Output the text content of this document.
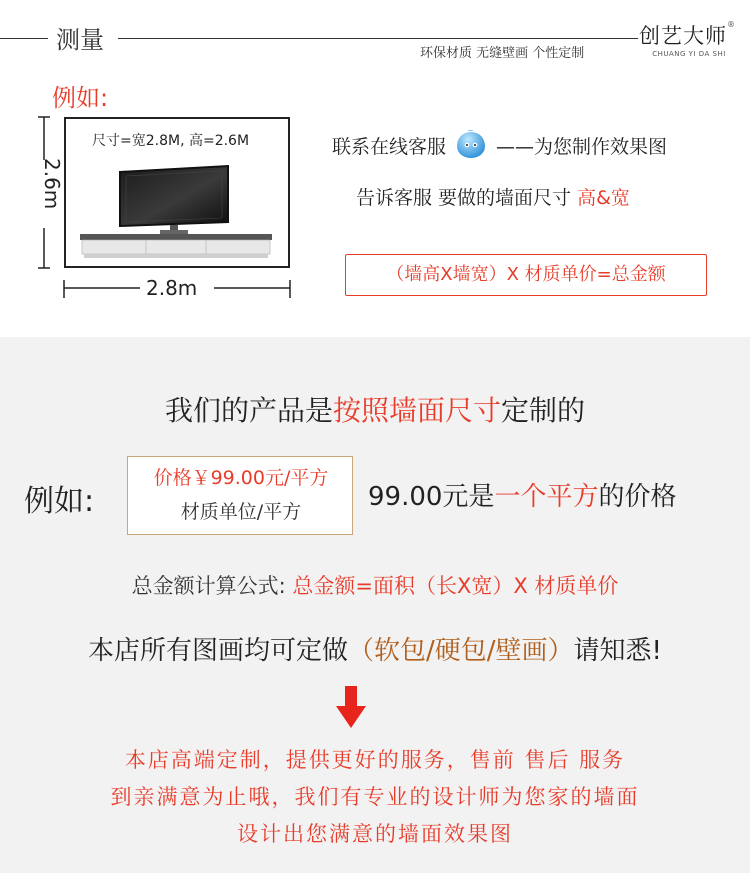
测量	环保材质 无缝壁画 个性定制
创艺大师 ®
CHUANG YI DA SHI
例如:
尺寸=宽2.8M, 高=2.6M
2.6m
2.8m
联系在线客服	——为您制作效果图
告诉客服 要做的墙面尺寸 高&宽
（墙高X墙宽）X 材质单价=总金额
我们的产品是按照墙面尺寸定制的
例如:
价格￥99.00元/平方
材质单位/平方	99.00元是一个平方的价格
总金额计算公式: 总金额=面积（长X宽）X 材质单价
本店所有图画均可定做（软包/硬包/壁画）请知悉!
本店高端定制，提供更好的服务，售前 售后 服务
到亲满意为止哦，我们有专业的设计师为您家的墙面
设计出您满意的墙面效果图
